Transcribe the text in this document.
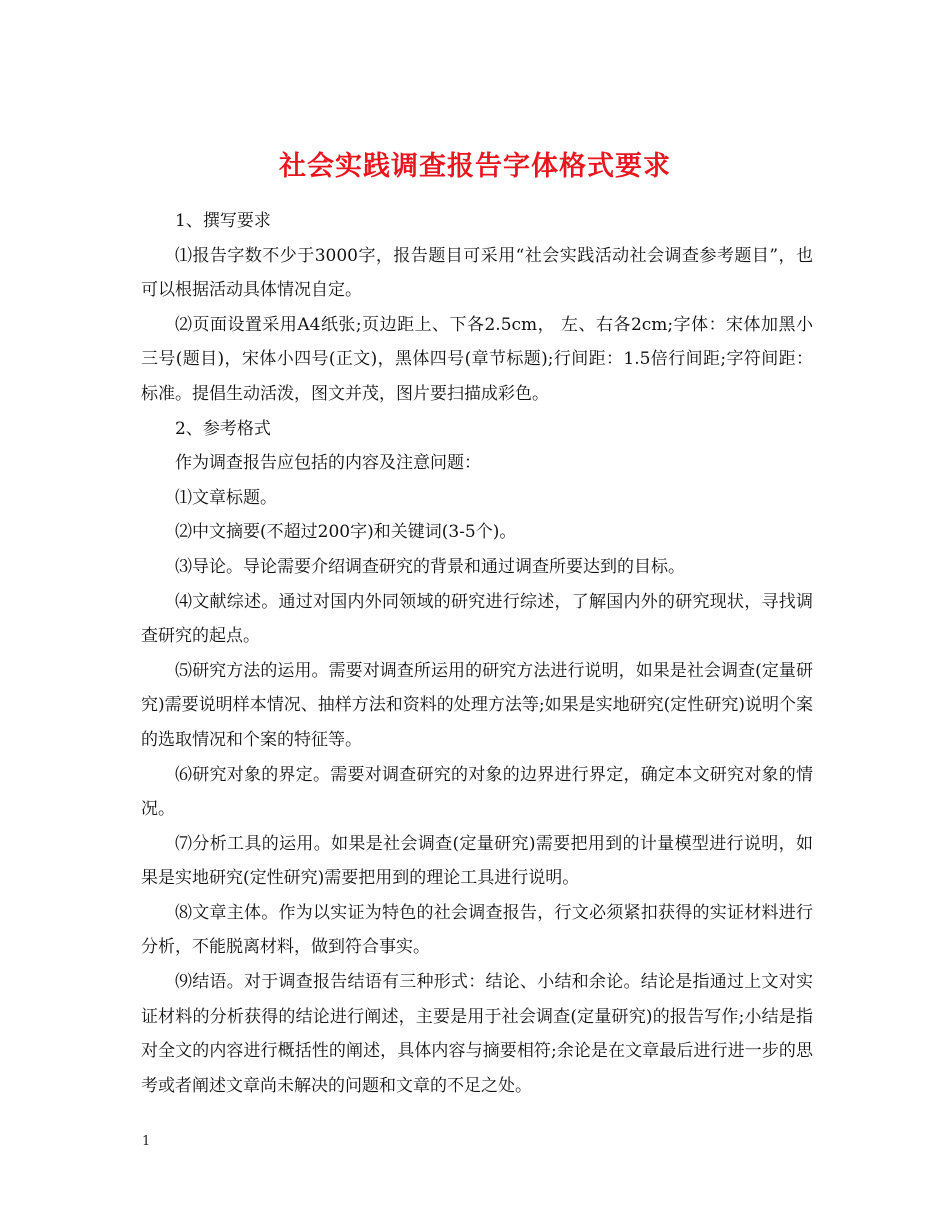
社会实践调查报告字体格式要求

1、撰写要求

⑴报告字数不少于3000字，报告题目可采用“社会实践活动社会调查参考题目”，也可以根据活动具体情况自定。

⑵页面设置采用A4纸张;页边距上、下各2.5cm， 左、右各2cm;字体：宋体加黑小三号(题目)，宋体小四号(正文)，黑体四号(章节标题);行间距：1.5倍行间距;字符间距：标准。提倡生动活泼，图文并茂，图片要扫描成彩色。

2、参考格式

作为调查报告应包括的内容及注意问题：

⑴文章标题。

⑵中文摘要(不超过200字)和关键词(3-5个)。

⑶导论。导论需要介绍调查研究的背景和通过调查所要达到的目标。

⑷文献综述。通过对国内外同领域的研究进行综述，了解国内外的研究现状，寻找调查研究的起点。

⑸研究方法的运用。需要对调查所运用的研究方法进行说明，如果是社会调查(定量研究)需要说明样本情况、抽样方法和资料的处理方法等;如果是实地研究(定性研究)说明个案的选取情况和个案的特征等。

⑹研究对象的界定。需要对调查研究的对象的边界进行界定，确定本文研究对象的情况。

⑺分析工具的运用。如果是社会调查(定量研究)需要把用到的计量模型进行说明，如果是实地研究(定性研究)需要把用到的理论工具进行说明。

⑻文章主体。作为以实证为特色的社会调查报告，行文必须紧扣获得的实证材料进行分析，不能脱离材料，做到符合事实。

⑼结语。对于调查报告结语有三种形式：结论、小结和余论。结论是指通过上文对实证材料的分析获得的结论进行阐述，主要是用于社会调查(定量研究)的报告写作;小结是指对全文的内容进行概括性的阐述，具体内容与摘要相符;余论是在文章最后进行进一步的思考或者阐述文章尚未解决的问题和文章的不足之处。

1
